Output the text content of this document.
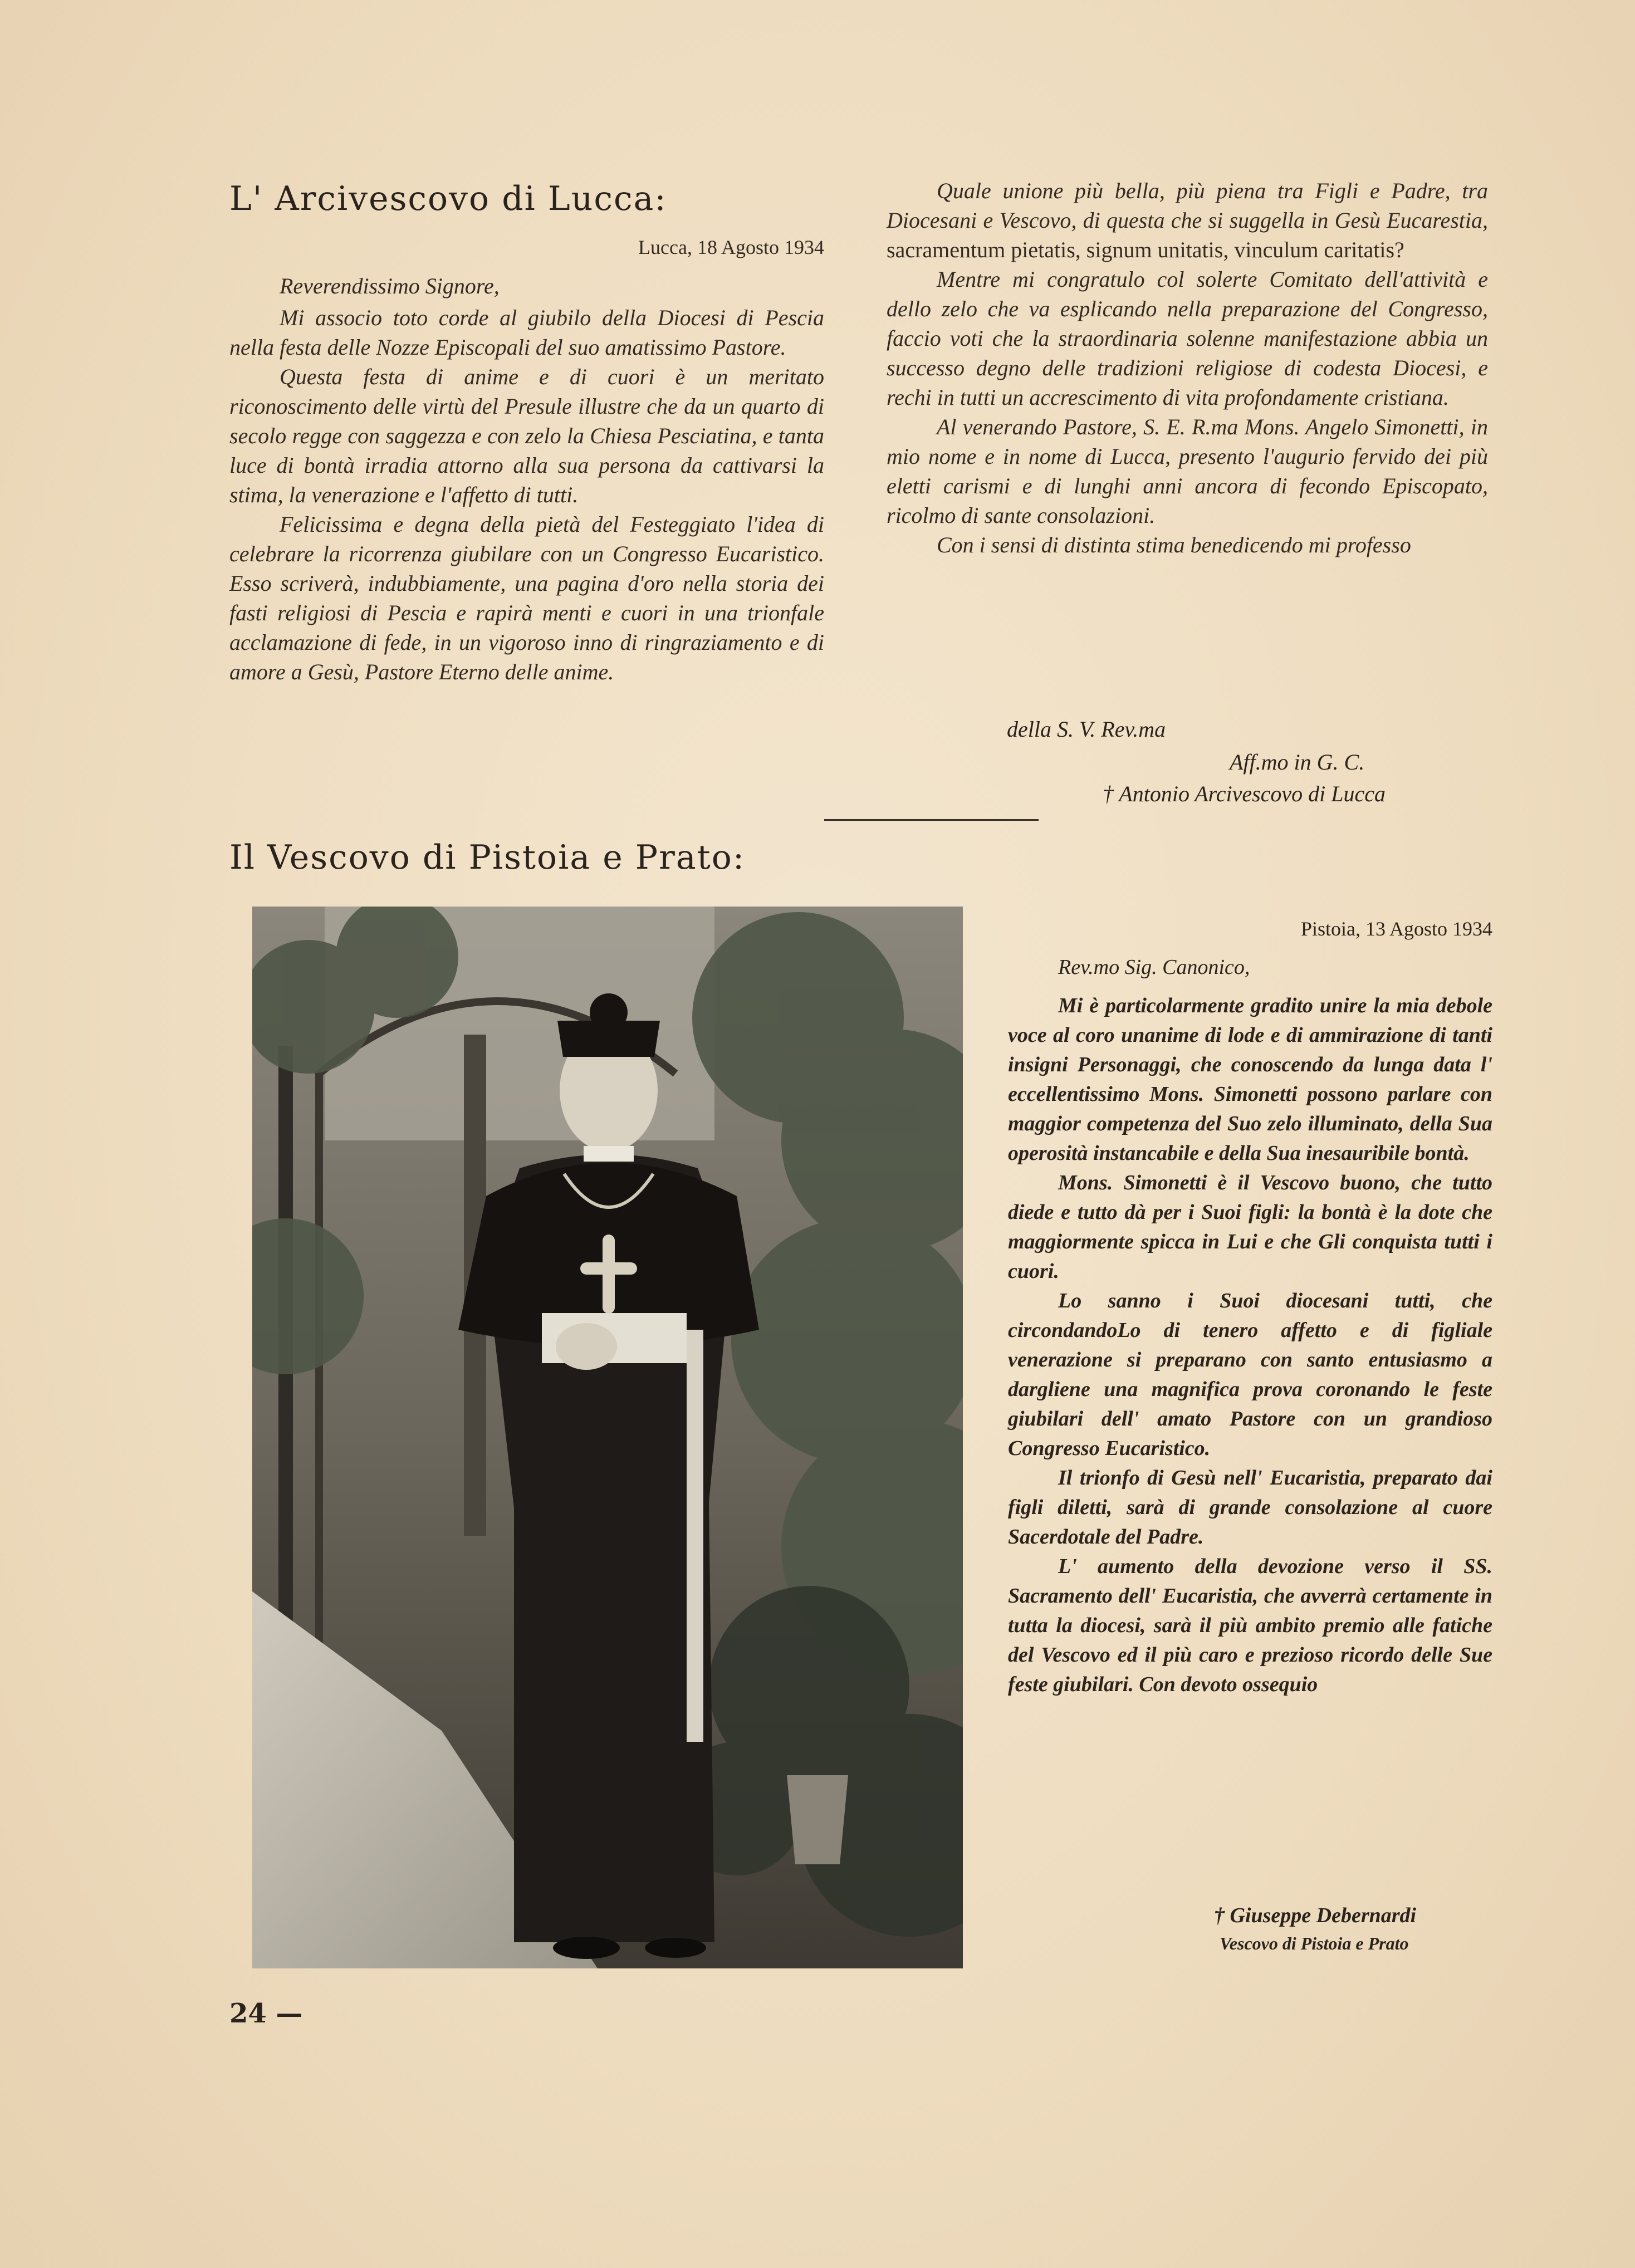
L' Arcivescovo di Lucca:

Lucca, 18 Agosto 1934

Reverendissimo Signore,

Mi associo toto corde al giubilo della Diocesi di Pescia nella festa delle Nozze Episcopali del suo amatissimo Pastore.

Questa festa di anime e di cuori è un meritato riconoscimento delle virtù del Presule illustre che da un quarto di secolo regge con saggezza e con zelo la Chiesa Pesciatina, e tanta luce di bontà irradia attorno alla sua persona da cattivarsi la stima, la venerazione e l'affetto di tutti.

Felicissima e degna della pietà del Festeggiato l'idea di celebrare la ricorrenza giubilare con un Congresso Eucaristico. Esso scriverà, indubbiamente, una pagina d'oro nella storia dei fasti religiosi di Pescia e rapirà menti e cuori in una trionfale acclamazione di fede, in un vigoroso inno di ringraziamento e di amore a Gesù, Pastore Eterno delle anime.

Quale unione più bella, più piena tra Figli e Padre, tra Diocesani e Vescovo, di questa che si suggella in Gesù Eucarestia, sacramentum pietatis, signum unitatis, vinculum caritatis?

Mentre mi congratulo col solerte Comitato dell'attività e dello zelo che va esplicando nella preparazione del Congresso, faccio voti che la straordinaria solenne manifestazione abbia un successo degno delle tradizioni religiose di codesta Diocesi, e rechi in tutti un accrescimento di vita profondamente cristiana.

Al venerando Pastore, S. E. R.ma Mons. Angelo Simonetti, in mio nome e in nome di Lucca, presento l'augurio fervido dei più eletti carismi e di lunghi anni ancora di fecondo Episcopato, ricolmo di sante consolazioni.

Con i sensi di distinta stima benedicendo mi professo

della S. V. Rev.ma
Aff.mo in G. C.
† Antonio Arcivescovo di Lucca
Il Vescovo di Pistoia e Prato:

Pistoia, 13 Agosto 1934

Rev.mo Sig. Canonico,

Mi è particolarmente gradito unire la mia debole voce al coro unanime di lode e di ammirazione di tanti insigni Personaggi, che conoscendo da lunga data l' eccellentissimo Mons. Simonetti possono parlare con maggior competenza del Suo zelo illuminato, della Sua operosità instancabile e della Sua inesauribile bontà.

Mons. Simonetti è il Vescovo buono, che tutto diede e tutto dà per i Suoi figli: la bontà è la dote che maggiormente spicca in Lui e che Gli conquista tutti i cuori.

Lo sanno i Suoi diocesani tutti, che circondandoLo di tenero affetto e di figliale venerazione si preparano con santo entusiasmo a dargliene una magnifica prova coronando le feste giubilari dell' amato Pastore con un grandioso Congresso Eucaristico.

Il trionfo di Gesù nell' Eucaristia, preparato dai figli diletti, sarà di grande consolazione al cuore Sacerdotale del Padre.

L' aumento della devozione verso il SS. Sacramento dell' Eucaristia, che avverrà certamente in tutta la diocesi, sarà il più ambito premio alle fatiche del Vescovo ed il più caro e prezioso ricordo delle Sue feste giubilari. Con devoto ossequio

† Giuseppe Debernardi
Vescovo di Pistoia e Prato
24 —
